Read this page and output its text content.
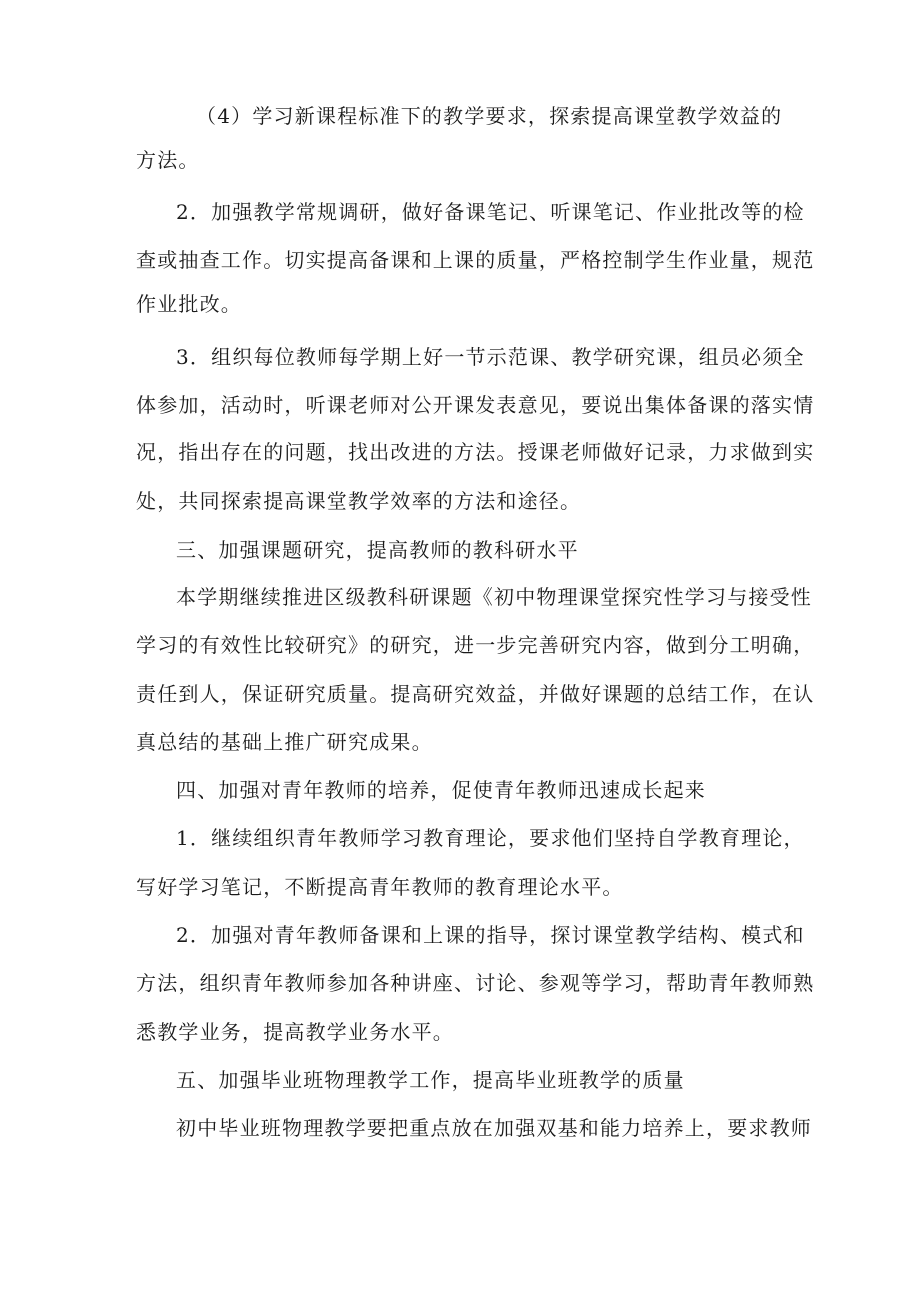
（4）学习新课程标准下的教学要求，探索提高课堂教学效益的
方法。
2．加强教学常规调研，做好备课笔记、听课笔记、作业批改等的检
查或抽查工作。切实提高备课和上课的质量，严格控制学生作业量，规范
作业批改。
3．组织每位教师每学期上好一节示范课、教学研究课，组员必须全
体参加，活动时，听课老师对公开课发表意见，要说出集体备课的落实情
况，指出存在的问题，找出改进的方法。授课老师做好记录，力求做到实
处，共同探索提高课堂教学效率的方法和途径。
三、加强课题研究，提高教师的教科研水平
本学期继续推进区级教科研课题《初中物理课堂探究性学习与接受性
学习的有效性比较研究》的研究，进一步完善研究内容，做到分工明确，
责任到人，保证研究质量。提高研究效益，并做好课题的总结工作，在认
真总结的基础上推广研究成果。
四、加强对青年教师的培养，促使青年教师迅速成长起来
1．继续组织青年教师学习教育理论，要求他们坚持自学教育理论，
写好学习笔记，不断提高青年教师的教育理论水平。
2．加强对青年教师备课和上课的指导，探讨课堂教学结构、模式和
方法，组织青年教师参加各种讲座、讨论、参观等学习，帮助青年教师熟
悉教学业务，提高教学业务水平。
五、加强毕业班物理教学工作，提高毕业班教学的质量
初中毕业班物理教学要把重点放在加强双基和能力培养上，要求教师
